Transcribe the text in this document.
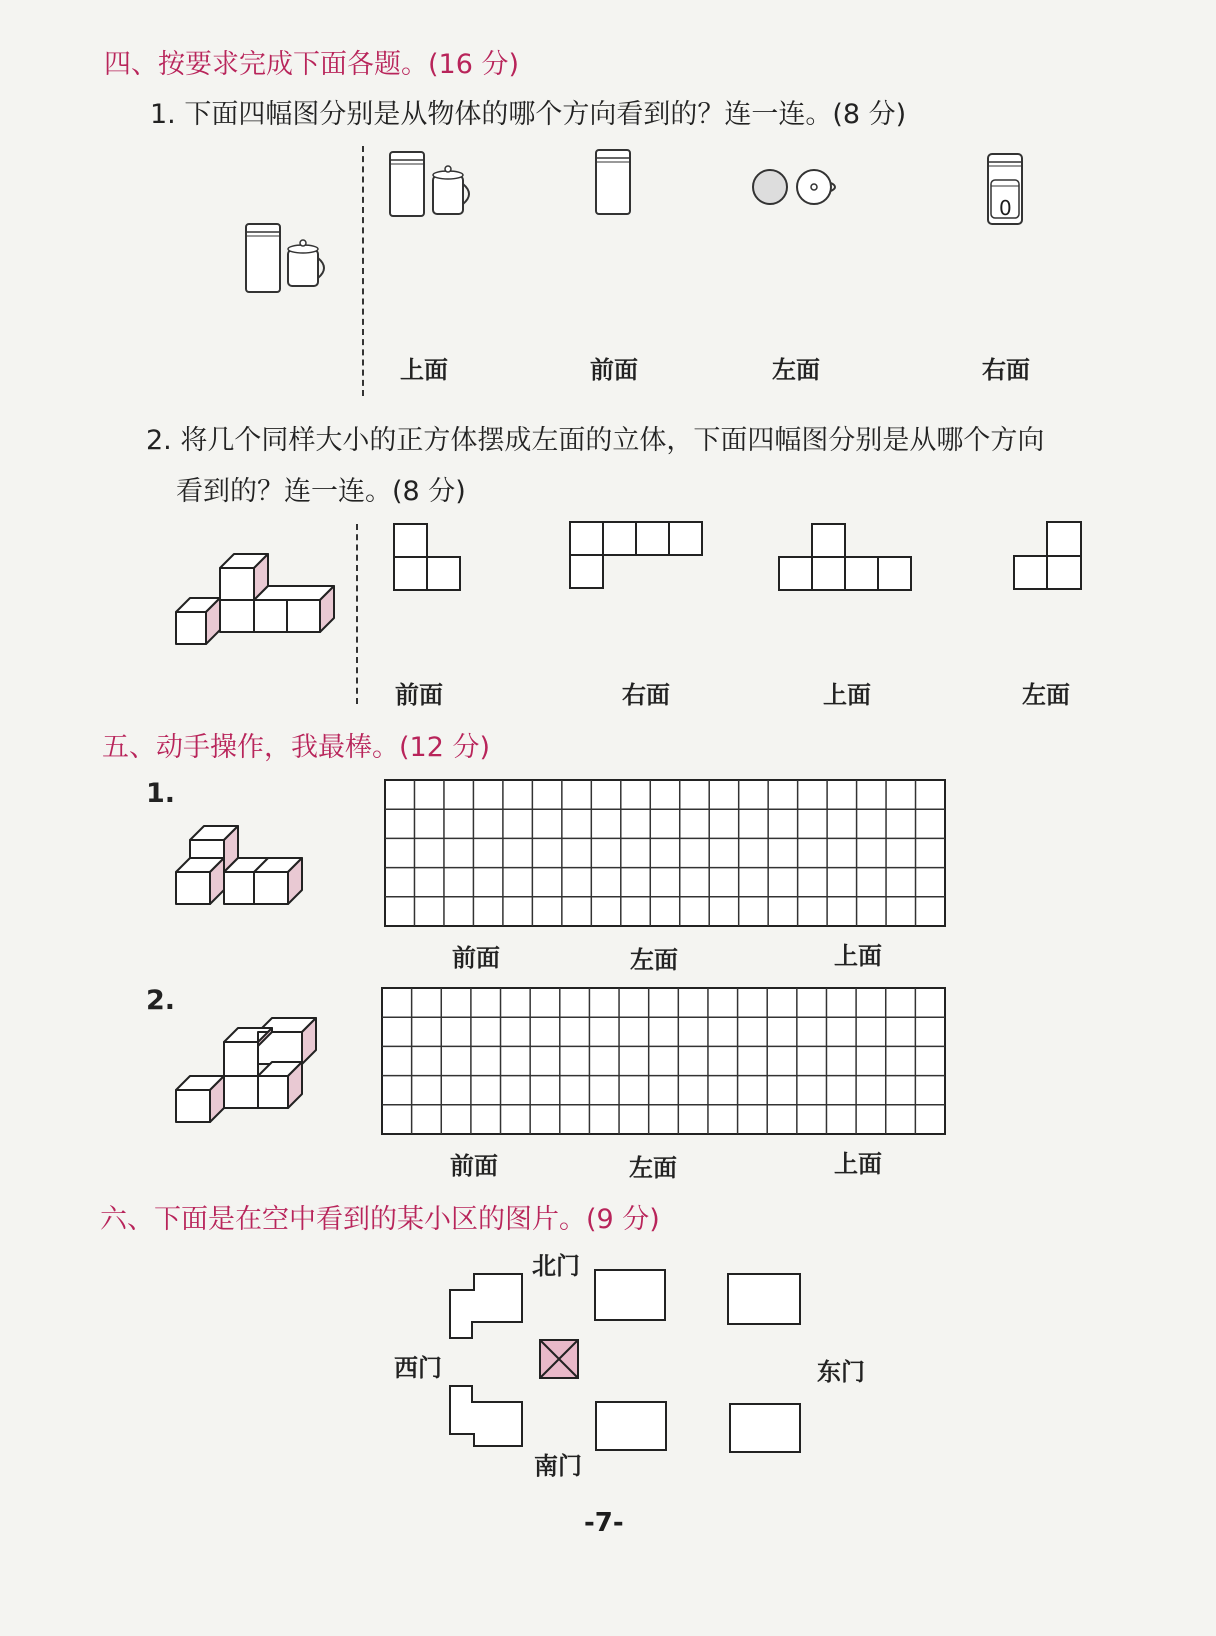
四、按要求完成下面各题。(16 分)
1. 下面四幅图分别是从物体的哪个方向看到的？连一连。(8 分)
0
上面	前面	左面	右面
2. 将几个同样大小的正方体摆成左面的立体，下面四幅图分别是从哪个方向
看到的？连一连。(8 分)
前面	右面	上面	左面
五、动手操作，我最棒。(12 分)
1.
前面	左面	上面
2.
前面	左面	上面
六、下面是在空中看到的某小区的图片。(9 分)
北门
西门	东门
南门
-7-
